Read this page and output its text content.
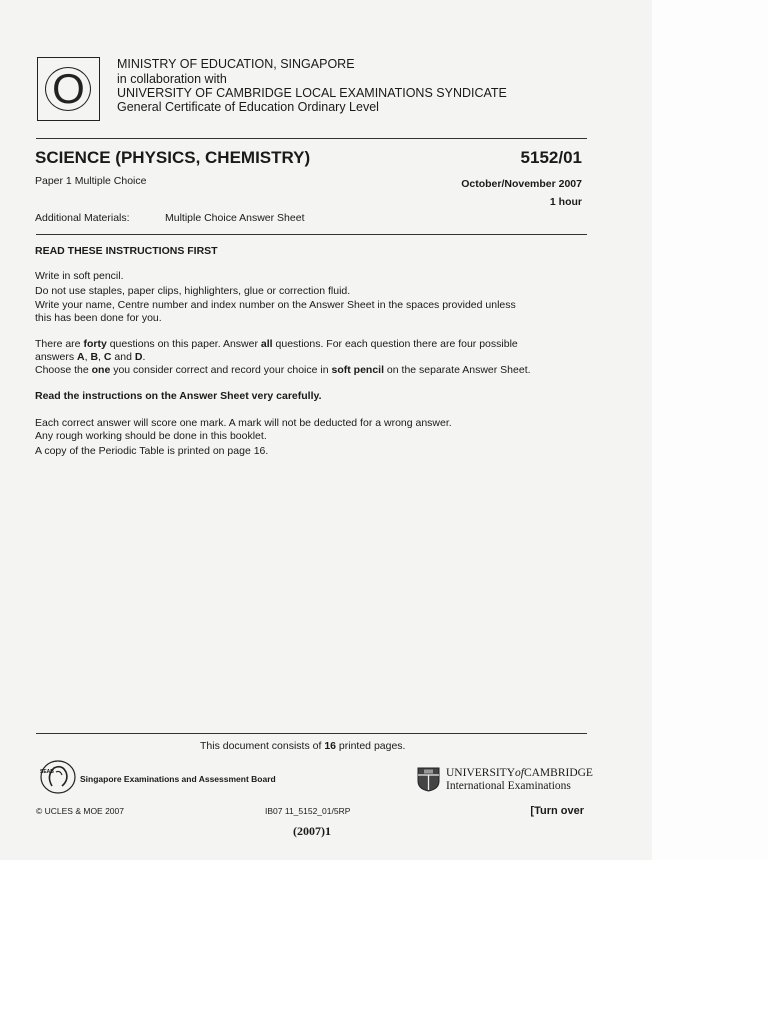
O
MINISTRY OF EDUCATION, SINGAPORE
in collaboration with
UNIVERSITY OF CAMBRIDGE LOCAL EXAMINATIONS SYNDICATE
General Certificate of Education Ordinary Level
SCIENCE (PHYSICS, CHEMISTRY)	5152/01
Paper 1 Multiple Choice	October/November 2007
1 hour
Additional Materials:	Multiple Choice Answer Sheet
READ THESE INSTRUCTIONS FIRST
Write in soft pencil.
Do not use staples, paper clips, highlighters, glue or correction fluid.
Write your name, Centre number and index number on the Answer Sheet in the spaces provided unless
this has been done for you.
There are forty questions on this paper. Answer all questions. For each question there are four possible
answers A, B, C and D.
Choose the one you consider correct and record your choice in soft pencil on the separate Answer Sheet.
Read the instructions on the Answer Sheet very carefully.
Each correct answer will score one mark. A mark will not be deducted for a wrong answer.
Any rough working should be done in this booklet.
A copy of the Periodic Table is printed on page 16.
This document consists of 16 printed pages.
SEAB
Singapore Examinations and Assessment Board	UNIVERSITYofCAMBRIDGE
International Examinations
© UCLES & MOE 2007	IB07 11_5152_01/5RP	[Turn over
(2007)1
